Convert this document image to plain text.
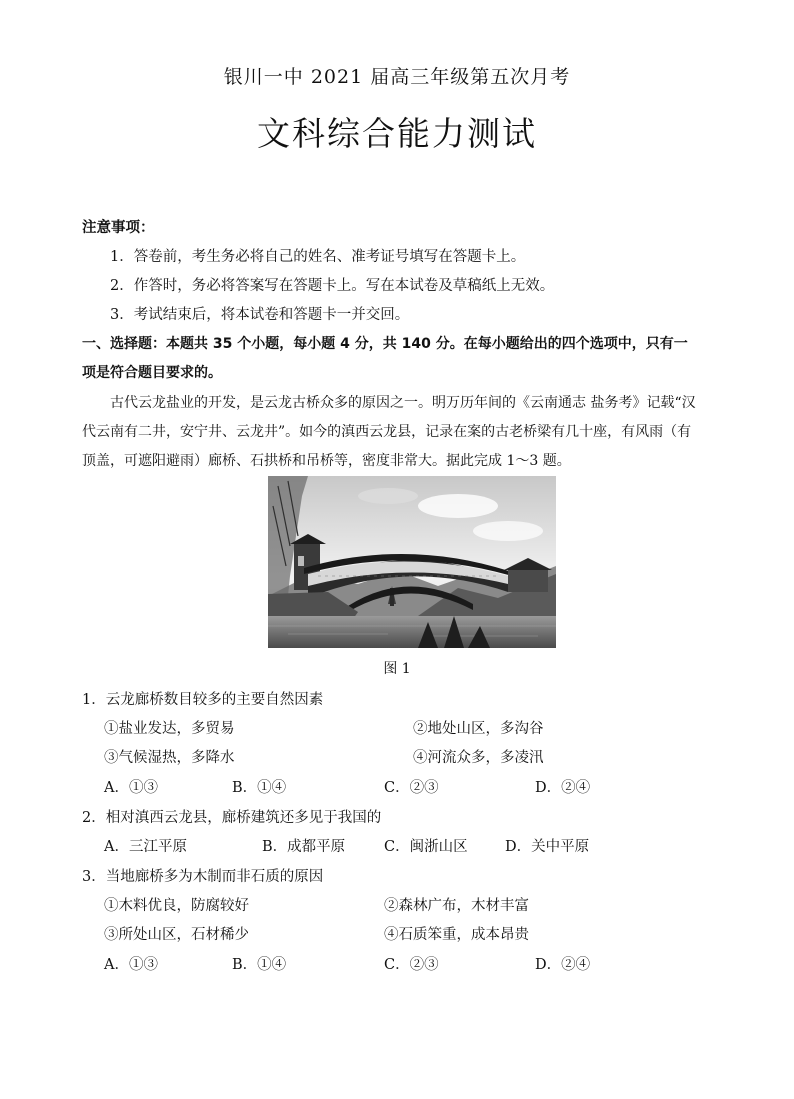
银川一中 2021 届高三年级第五次月考
文科综合能力测试
注意事项：
1．答卷前，考生务必将自己的姓名、准考证号填写在答题卡上。
2．作答时，务必将答案写在答题卡上。写在本试卷及草稿纸上无效。
3．考试结束后，将本试卷和答题卡一并交回。
一、选择题：本题共 35 个小题，每小题 4 分，共 140 分。在每小题给出的四个选项中，只有一
项是符合题目要求的。
古代云龙盐业的开发，是云龙古桥众多的原因之一。明万历年间的《云南通志 盐务考》记载“汉
代云南有二井，安宁井、云龙井”。如今的滇西云龙县，记录在案的古老桥梁有几十座，有风雨（有
顶盖，可遮阳避雨）廊桥、石拱桥和吊桥等，密度非常大。据此完成 1～3 题。
图 1
1．云龙廊桥数目较多的主要自然因素
①盐业发达，多贸易	②地处山区，多沟谷
③气候湿热，多降水	④河流众多，多凌汛
A．①③	B．①④	C．②③	D．②④
2．相对滇西云龙县，廊桥建筑还多见于我国的
A．三江平原	B．成都平原	C．闽浙山区	D．关中平原
3．当地廊桥多为木制而非石质的原因
①木料优良，防腐较好	②森林广布，木材丰富
③所处山区，石材稀少	④石质笨重，成本昂贵
A．①③	B．①④	C．②③	D．②④
